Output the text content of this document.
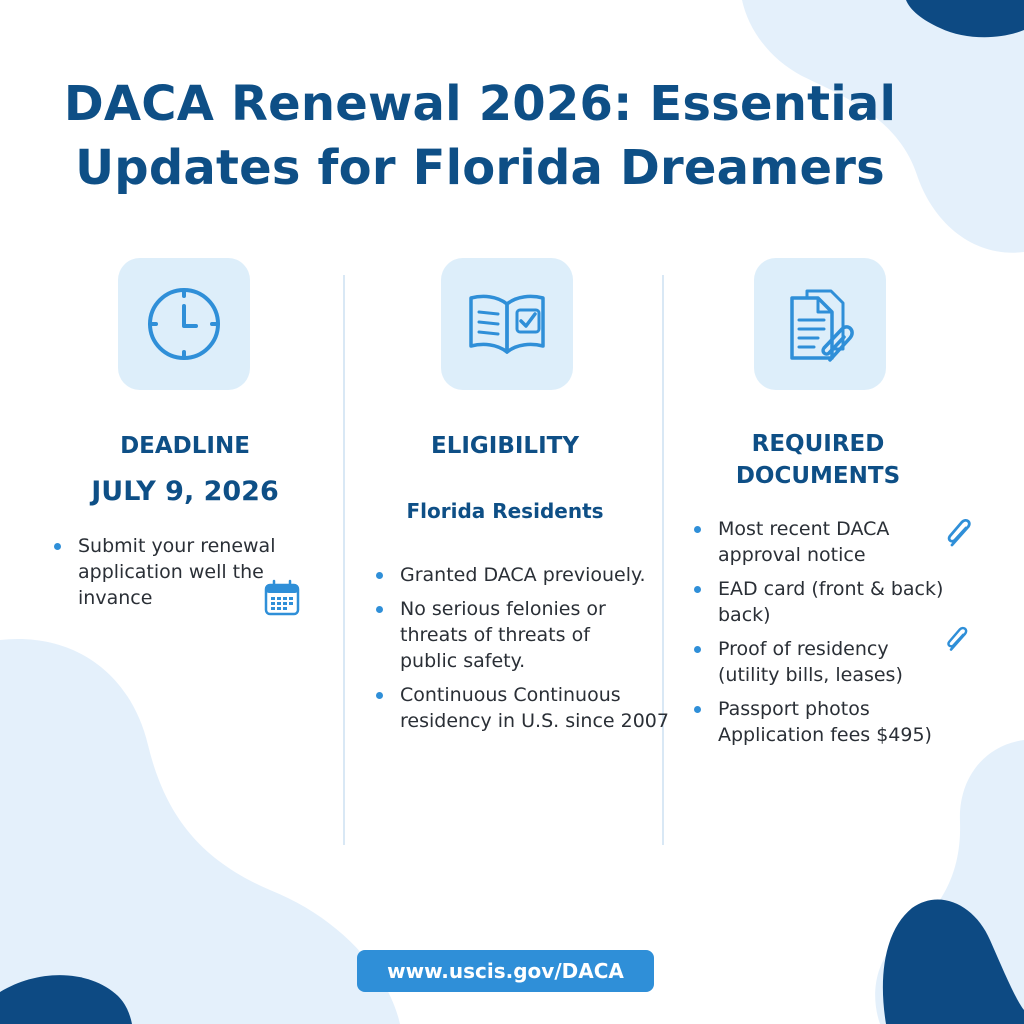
DACA Renewal 2026: Essential
Updates for Florida Dreamers
DEADLINE

JULY 9, 2026

Submit your renewal application well the invance
ELIGIBILITY

Florida Residents

Granted DACA previouely.
No serious felonies or threats of threats of public safety.
Continuous Continuous residency in U.S. since 2007
REQUIRED
DOCUMENTS
Most recent DACA approval notice
EAD card (front & back) back)
Proof of residency (utility bills, leases)
Passport photos Application fees $495)
www.uscis.gov/DACA
